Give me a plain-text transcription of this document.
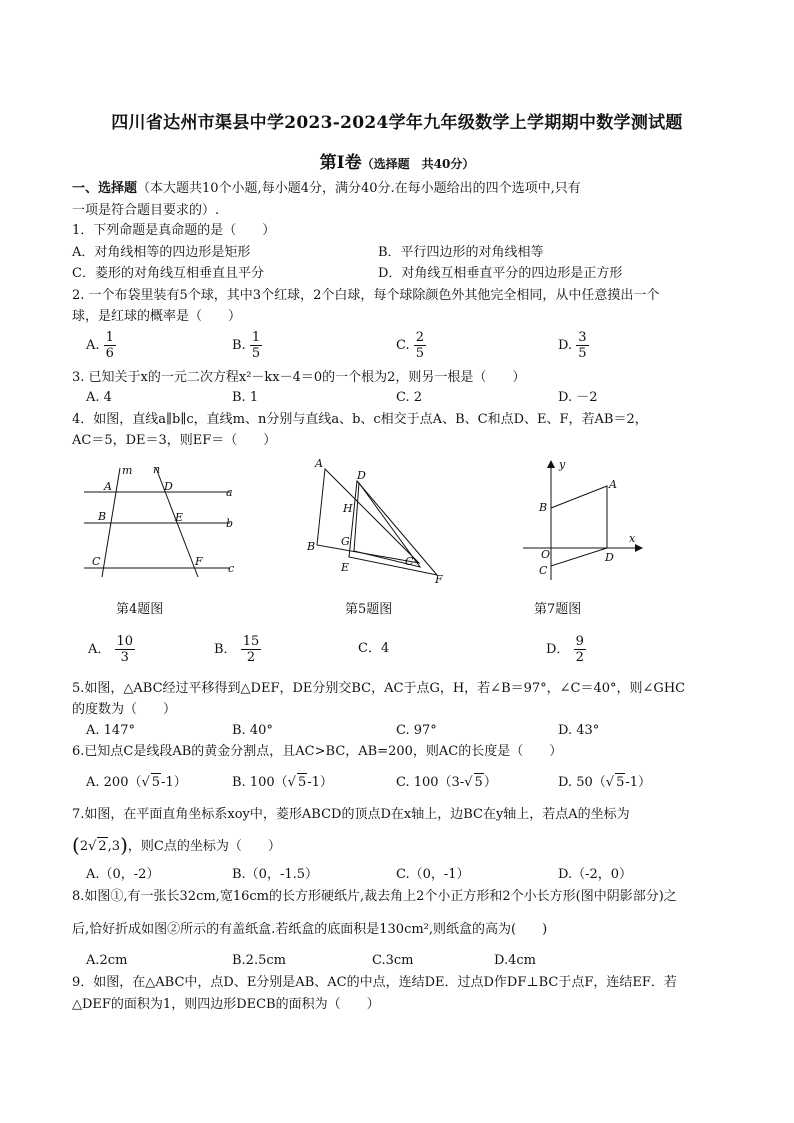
四川省达州市渠县中学2023-2024学年九年级数学上学期期中数学测试题
第Ⅰ卷（选择题　共40分）
一、选择题（本大题共10个小题,每小题4分，满分40分.在每小题给出的四个选项中,只有
一项是符合题目要求的）.
1．下列命题是真命题的是（　　）
A．对角线相等的四边形是矩形	B．平行四边形的对角线相等
C．菱形的对角线互相垂直且平分	D．对角线互相垂直平分的四边形是正方形
2. 一个布袋里装有5个球，其中3个红球，2个白球，每个球除颜色外其他完全相同，从中任意摸出一个
球，是红球的概率是（　　）
A. $\frac{1}{6}$	B. $\frac{1}{5}$	C. $\frac{2}{5}$	D. $\frac{3}{5}$
3. 已知关于x的一元二次方程x²－kx－4＝0的一个根为2，则另一根是（　　）
A. 4	B. 1	C. 2	D. －2
4．如图，直线a∥b∥c，直线m、n分别与直线a、b、c相交于点A、B、C和点D、E、F，若AB＝2，
AC＝5，DE＝3，则EF＝（　　）
m n
A	D	a
B	E	b
C	F
c
第4题图
A
B
C
D
E
F
G
H
第5题图
y
x
A
B
C
D
O
第7题图
A． $\frac{10}{3}$	B． $\frac{15}{2}$	C．4	D． $\frac{9}{2}$
5.如图，△ABC经过平移得到△DEF，DE分别交BC，AC于点G，H，若∠B＝97°，∠C＝40°，则∠GHC
的度数为（　　）
A. 147°	B. 40°	C. 97°	D. 43°
6.已知点C是线段AB的黄金分割点，且AC>BC，AB=200，则AC的长度是（　　）
A. 200（√ 5-1）	B. 100（√ 5-1）	C. 100（3-√ 5）	D. 50（√ 5-1）
7.如图，在平面直角坐标系xoy中，菱形ABCD的顶点D在x轴上，边BC在y轴上，若点A的坐标为
(2√ 2,3)，则C点的坐标为（　　）
A.（0，-2）	B.（0，-1.5）	C.（0，-1）	D.（-2，0）
8.如图①,有一张长32cm,宽16cm的长方形硬纸片,裁去角上2个小正方形和2个小长方形(图中阴影部分)之
后,恰好折成如图②所示的有盖纸盒.若纸盒的底面积是130cm²,则纸盒的高为(　　)
A.2cm	B.2.5cm	C.3cm	D.4cm
9．如图，在△ABC中，点D、E分别是AB、AC的中点，连结DE．过点D作DF⊥BC于点F，连结EF．若
△DEF的面积为1，则四边形DECB的面积为（　　）
